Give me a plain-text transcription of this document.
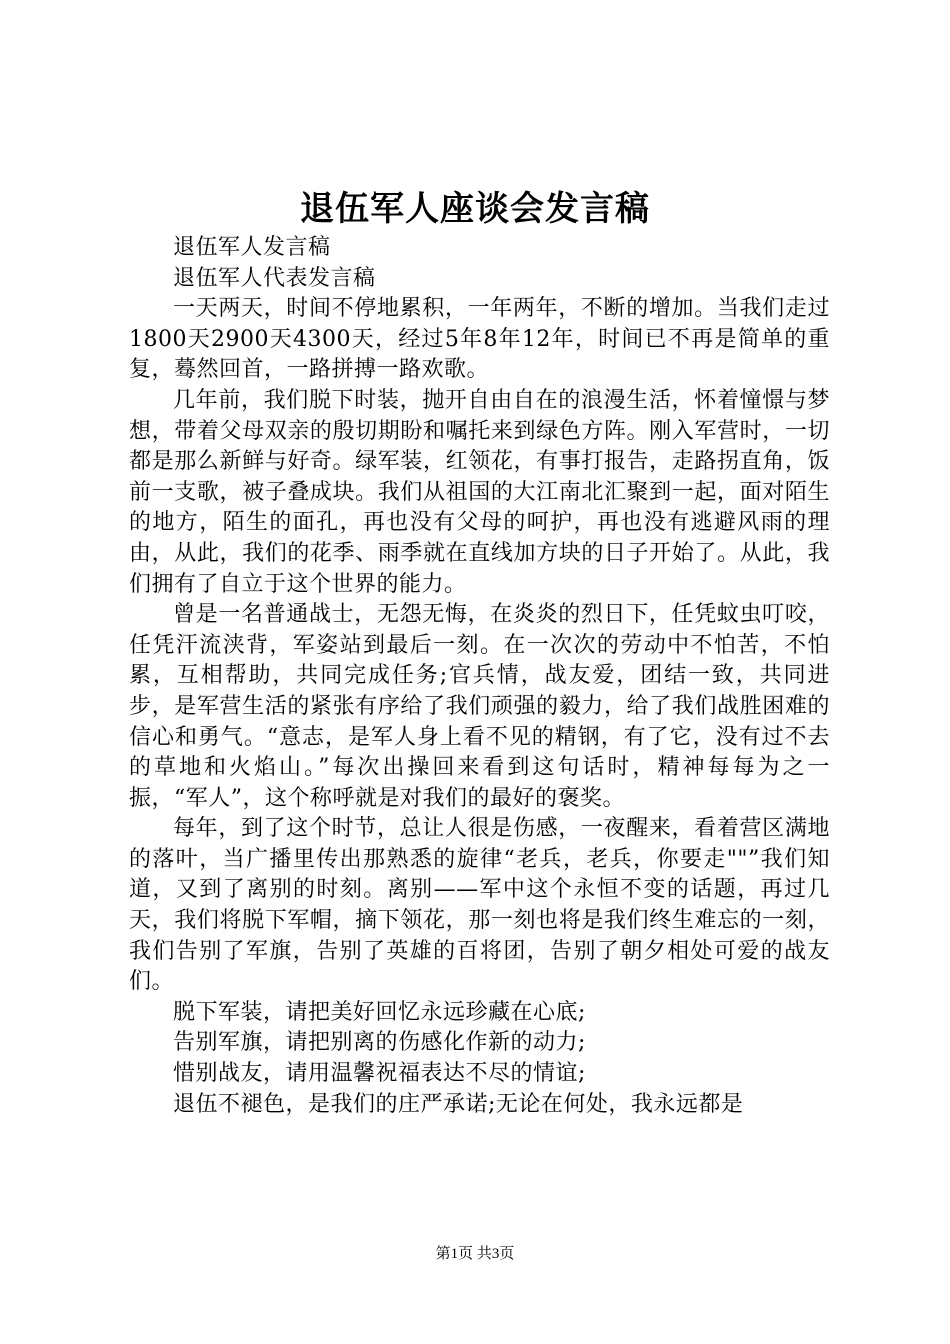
退伍军人座谈会发言稿

退伍军人发言稿

退伍军人代表发言稿

一天两天，时间不停地累积，一年两年，不断的增加。当我们走过1800天2900天4300天，经过5年8年12年，时间已不再是简单的重复，蓦然回首，一路拼搏一路欢歌。

几年前，我们脱下时装，抛开自由自在的浪漫生活，怀着憧憬与梦想，带着父母双亲的殷切期盼和嘱托来到绿色方阵。刚入军营时，一切都是那么新鲜与好奇。绿军装，红领花，有事打报告，走路拐直角，饭前一支歌，被子叠成块。我们从祖国的大江南北汇聚到一起，面对陌生的地方，陌生的面孔，再也没有父母的呵护，再也没有逃避风雨的理由，从此，我们的花季、雨季就在直线加方块的日子开始了。从此，我们拥有了自立于这个世界的能力。

曾是一名普通战士，无怨无悔，在炎炎的烈日下，任凭蚊虫叮咬，任凭汗流浃背，军姿站到最后一刻。在一次次的劳动中不怕苦，不怕累，互相帮助，共同完成任务;官兵情，战友爱，团结一致，共同进步，是军营生活的紧张有序给了我们顽强的毅力，给了我们战胜困难的信心和勇气。“意志，是军人身上看不见的精钢，有了它，没有过不去的草地和火焰山。”每次出操回来看到这句话时，精神每每为之一振，“军人”，这个称呼就是对我们的最好的褒奖。

每年，到了这个时节，总让人很是伤感，一夜醒来，看着营区满地的落叶，当广播里传出那熟悉的旋律“老兵，老兵，你要走""”我们知道，又到了离别的时刻。离别——军中这个永恒不变的话题，再过几天，我们将脱下军帽，摘下领花，那一刻也将是我们终生难忘的一刻，我们告别了军旗，告别了英雄的百将团，告别了朝夕相处可爱的战友们。

脱下军装，请把美好回忆永远珍藏在心底;

告别军旗，请把别离的伤感化作新的动力;

惜别战友，请用温馨祝福表达不尽的情谊;

退伍不褪色，是我们的庄严承诺;无论在何处，我永远都是

第1页 共3页
